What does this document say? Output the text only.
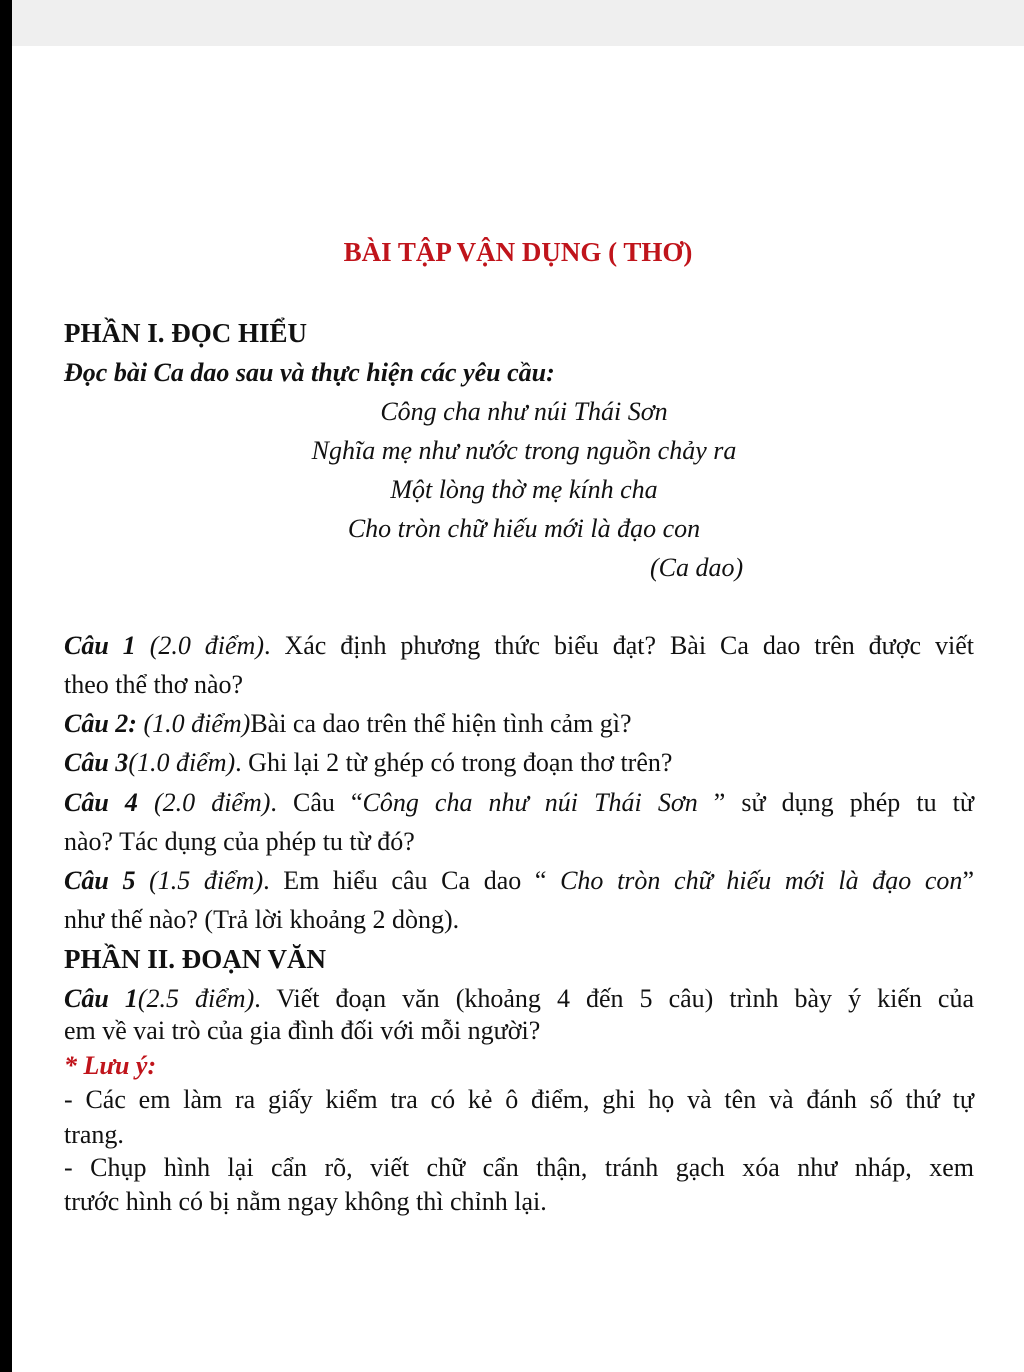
BÀI TẬP VẬN DỤNG ( THƠ)
PHẦN I. ĐỌC HIỂU
Đọc bài Ca dao sau và thực hiện các yêu cầu:
Công cha như núi Thái Sơn
Nghĩa mẹ như nước trong nguồn chảy ra
Một lòng thờ mẹ kính cha
Cho tròn chữ hiếu mới là đạo con
(Ca dao)
Câu 1 (2.0 điểm). Xác định phương thức biểu đạt? Bài Ca dao trên được viết
theo thể thơ nào?
Câu 2: (1.0 điểm)Bài ca dao trên thể hiện tình cảm gì?
Câu 3(1.0 điểm). Ghi lại 2 từ ghép có trong đoạn thơ trên?
Câu 4 (2.0 điểm). Câu “Công cha như núi Thái Sơn ” sử dụng phép tu từ
nào? Tác dụng của phép tu từ đó?
Câu 5 (1.5 điểm). Em hiểu câu Ca dao “ Cho tròn chữ hiếu mới là đạo con”
như thế nào? (Trả lời khoảng 2 dòng).
PHẦN II. ĐOẠN VĂN
Câu 1(2.5 điểm). Viết đoạn văn (khoảng 4 đến 5 câu) trình bày ý kiến của
em về vai trò của gia đình đối với mỗi người?
* Lưu ý:
- Các em làm ra giấy kiểm tra có kẻ ô điểm, ghi họ và tên và đánh số thứ tự
trang.
- Chụp hình lại cẩn rõ, viết chữ cẩn thận, tránh gạch xóa như nháp, xem
trước hình có bị nằm ngay không thì chỉnh lại.
